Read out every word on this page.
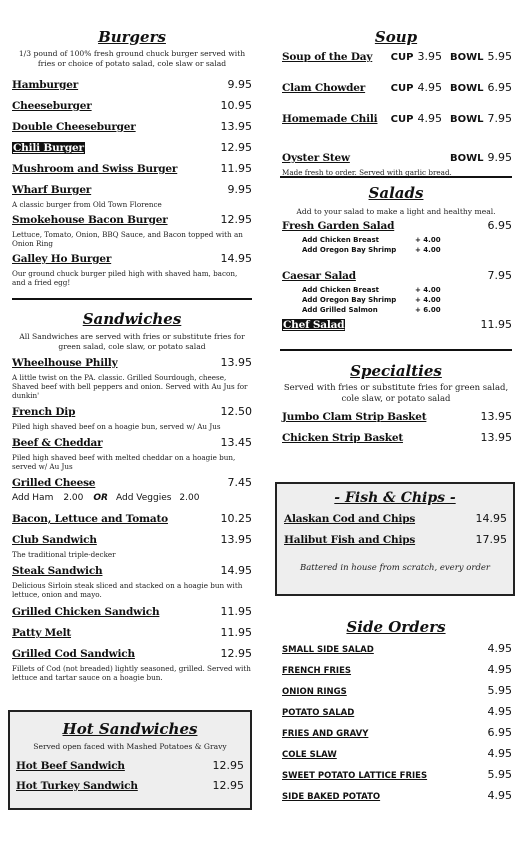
Burgers
1/3 pound of 100% fresh ground chuck burger served with fries or choice of potato salad, cole slaw or salad
Hamburger	9.95
Cheeseburger	10.95
Double Cheeseburger	13.95
Chili Burger	12.95
Mushroom and Swiss Burger	11.95
Wharf Burger	9.95
A classic burger from Old Town Florence
Smokehouse Bacon Burger	12.95
Lettuce, Tomato, Onion, BBQ Sauce, and Bacon topped with an Onion Ring
Galley Ho Burger	14.95
Our ground chuck burger piled high with shaved ham, bacon, and a fried egg!
Sandwiches
All Sandwiches are served with fries or substitute fries for green salad, cole slaw, or potato salad
Wheelhouse Philly	13.95
A little twist on the PA. classic. Grilled Sourdough, cheese, Shaved beef with bell peppers and onion. Served with Au Jus for dunkin'
French Dip	12.50
Piled high shaved beef on a hoagie bun, served w/ Au Jus
Beef & Cheddar	13.45
Piled high shaved beef with melted cheddar on a hoagie bun, served w/ Au Jus
Grilled Cheese	7.45
Add Ham 2.00 OR Add Veggies 2.00
Bacon, Lettuce and Tomato	10.25
Club Sandwich	13.95
The traditional triple-decker
Steak Sandwich	14.95
Delicious Sirloin steak sliced and stacked on a hoagie bun with lettuce, onion and mayo.
Grilled Chicken Sandwich	11.95
Patty Melt	11.95
Grilled Cod Sandwich	12.95
Fillets of Cod (not breaded) lightly seasoned, grilled. Served with lettuce and tartar sauce on a hoagie bun.
Hot Sandwiches
Served open faced with Mashed Potatoes & Gravy
Hot Beef Sandwich	12.95
Hot Turkey Sandwich	12.95
Soup
Soup of the Day	CUP 3.95 BOWL 5.95
Clam Chowder	CUP 4.95 BOWL 6.95
Homemade Chili	CUP 4.95 BOWL 7.95
Oyster Stew	BOWL 9.95
Made fresh to order. Served with garlic bread.
Salads
Add to your salad to make a light and healthy meal.
Fresh Garden Salad	6.95
Add Chicken Breast	+ 4.00
Add Oregon Bay Shrimp	+ 4.00
Caesar Salad	7.95
Add Chicken Breast	+ 4.00
Add Oregon Bay Shrimp	+ 4.00
Add Grilled Salmon	+ 6.00
Chef Salad	11.95
Specialties
Served with fries or substitute fries for green salad, cole slaw, or potato salad
Jumbo Clam Strip Basket	13.95
Chicken Strip Basket	13.95
- Fish & Chips -
Alaskan Cod and Chips	14.95
Halibut Fish and Chips	17.95
Battered in house from scratch, every order
Side Orders
SMALL SIDE SALAD	4.95
FRENCH FRIES	4.95
ONION RINGS	5.95
POTATO SALAD	4.95
FRIES AND GRAVY	6.95
COLE SLAW	4.95
SWEET POTATO LATTICE FRIES	5.95
SIDE BAKED POTATO	4.95
